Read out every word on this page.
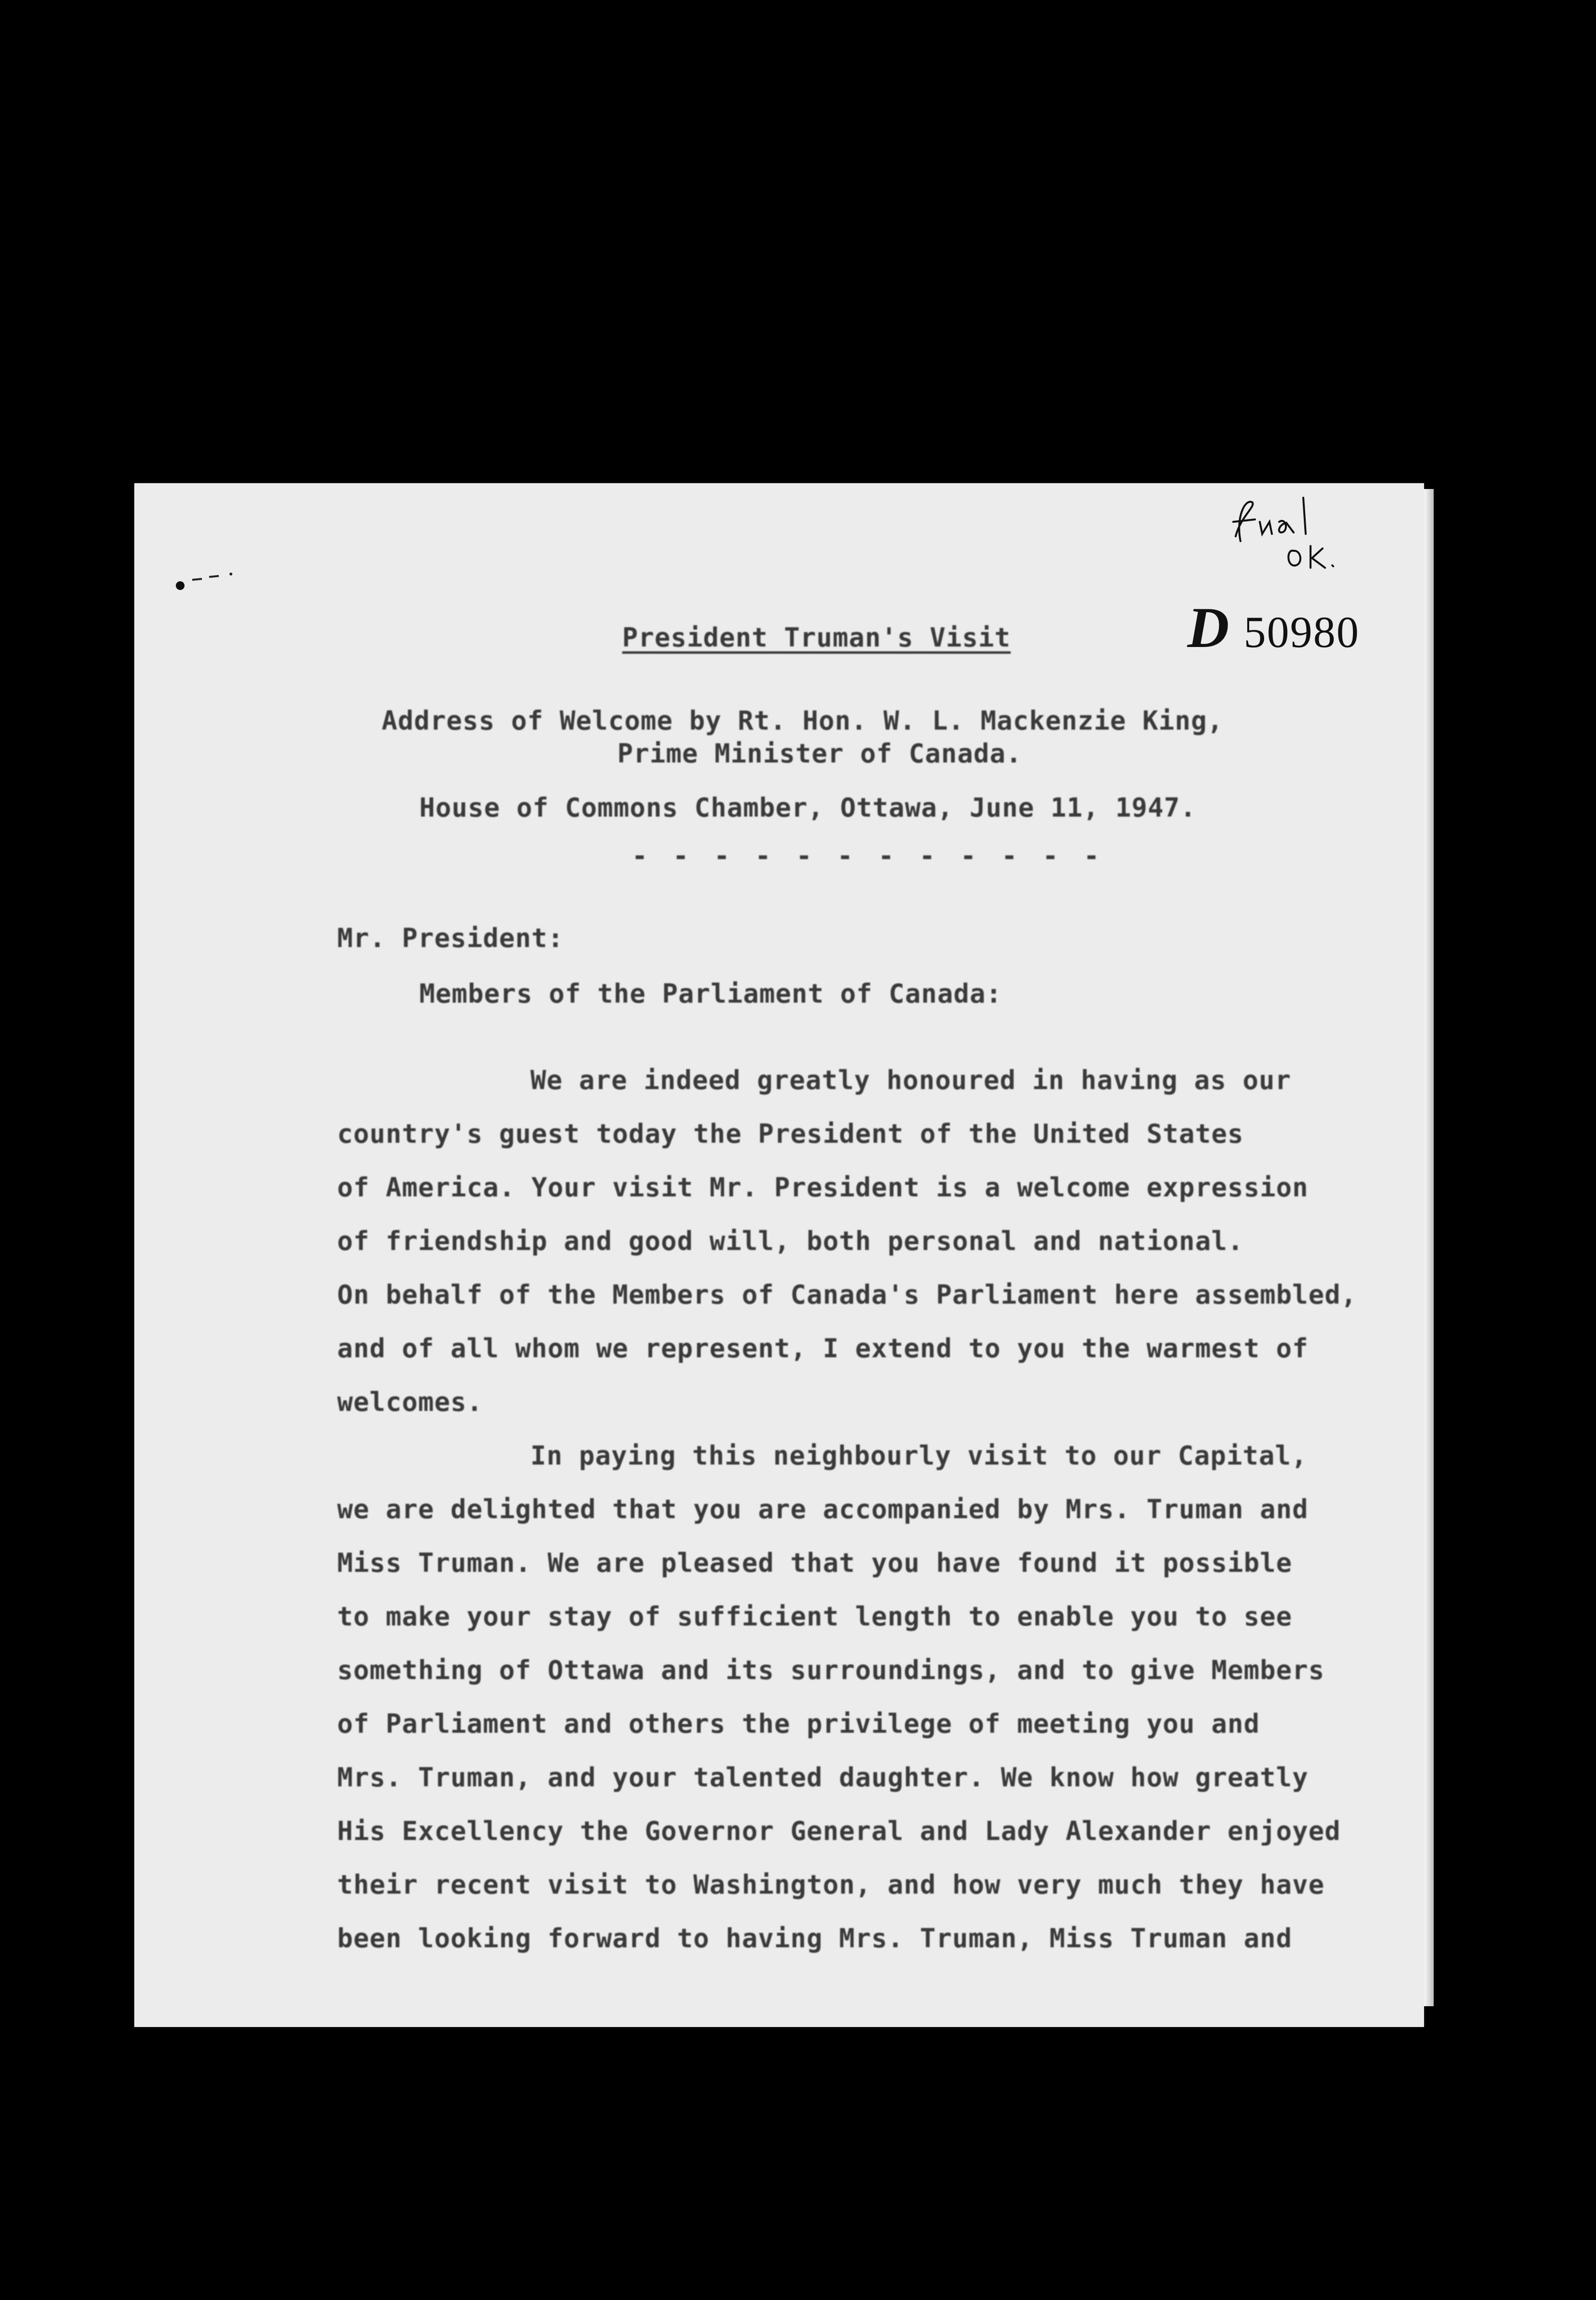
D 50980

President Truman's Visit

Address of Welcome by Rt. Hon. W. L. Mackenzie King,

Prime Minister of Canada.

House of Commons Chamber, Ottawa, June 11, 1947.

- - - - - - - - - - - -

Mr. President:

Members of the Parliament of Canada:

We are indeed greatly honoured in having as our
country's guest today the President of the United States
of America. Your visit Mr. President is a welcome expression
of friendship and good will, both personal and national.
On behalf of the Members of Canada's Parliament here assembled,
and of all whom we represent, I extend to you the warmest of
welcomes.
In paying this neighbourly visit to our Capital,
we are delighted that you are accompanied by Mrs. Truman and
Miss Truman. We are pleased that you have found it possible
to make your stay of sufficient length to enable you to see
something of Ottawa and its surroundings, and to give Members
of Parliament and others the privilege of meeting you and
Mrs. Truman, and your talented daughter. We know how greatly
His Excellency the Governor General and Lady Alexander enjoyed
their recent visit to Washington, and how very much they have
been looking forward to having Mrs. Truman, Miss Truman and
